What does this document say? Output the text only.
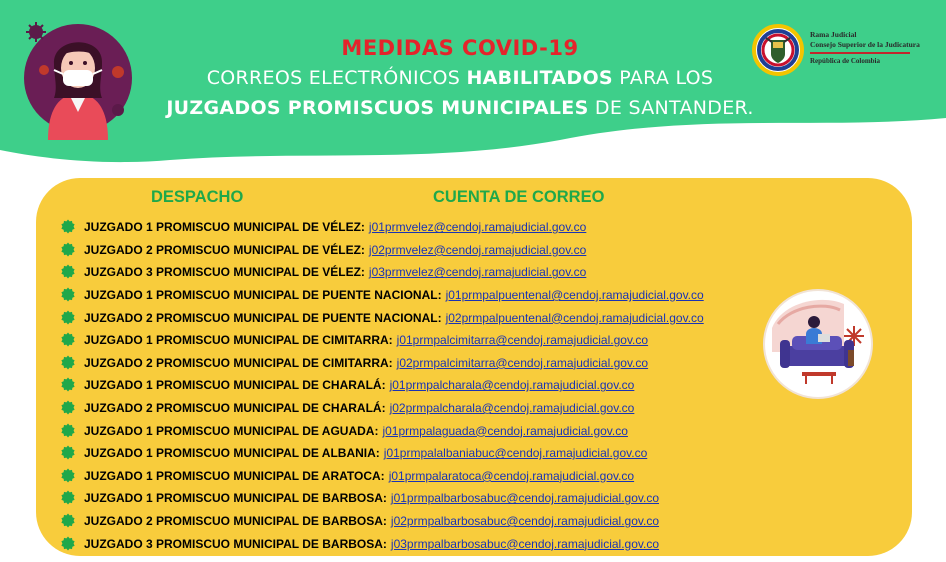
MEDIDAS COVID-19
CORREOS ELECTRÓNICOS HABILITADOS PARA LOS
JUZGADOS PROMISCUOS MUNICIPALES DE SANTANDER.
Rama Judicial
Consejo Superior de la Judicatura
República de Colombia
DESPACHO	CUENTA DE CORREO
JUZGADO 1 PROMISCUO MUNICIPAL DE VÉLEZ: j01prmvelez@cendoj.ramajudicial.gov.co
JUZGADO 2 PROMISCUO MUNICIPAL DE VÉLEZ: j02prmvelez@cendoj.ramajudicial.gov.co
JUZGADO 3 PROMISCUO MUNICIPAL DE VÉLEZ: j03prmvelez@cendoj.ramajudicial.gov.co
JUZGADO 1 PROMISCUO MUNICIPAL DE PUENTE NACIONAL: j01prmpalpuentenal@cendoj.ramajudicial.gov.co
JUZGADO 2 PROMISCUO MUNICIPAL DE PUENTE NACIONAL: j02prmpalpuentenal@cendoj.ramajudicial.gov.co
JUZGADO 1 PROMISCUO MUNICIPAL DE CIMITARRA: j01prmpalcimitarra@cendoj.ramajudicial.gov.co
JUZGADO 2 PROMISCUO MUNICIPAL DE CIMITARRA: j02prmpalcimitarra@cendoj.ramajudicial.gov.co
JUZGADO 1 PROMISCUO MUNICIPAL DE CHARALÁ: j01prmpalcharala@cendoj.ramajudicial.gov.co
JUZGADO 2 PROMISCUO MUNICIPAL DE CHARALÁ: j02prmpalcharala@cendoj.ramajudicial.gov.co
JUZGADO 1 PROMISCUO MUNICIPAL DE AGUADA: j01prmpalaguada@cendoj.ramajudicial.gov.co
JUZGADO 1 PROMISCUO MUNICIPAL DE ALBANIA: j01prmpalalbaniabuc@cendoj.ramajudicial.gov.co
JUZGADO 1 PROMISCUO MUNICIPAL DE ARATOCA: j01prmpalaratoca@cendoj.ramajudicial.gov.co
JUZGADO 1 PROMISCUO MUNICIPAL DE BARBOSA: j01prmpalbarbosabuc@cendoj.ramajudicial.gov.co
JUZGADO 2 PROMISCUO MUNICIPAL DE BARBOSA: j02prmpalbarbosabuc@cendoj.ramajudicial.gov.co
JUZGADO 3 PROMISCUO MUNICIPAL DE BARBOSA: j03prmpalbarbosabuc@cendoj.ramajudicial.gov.co
